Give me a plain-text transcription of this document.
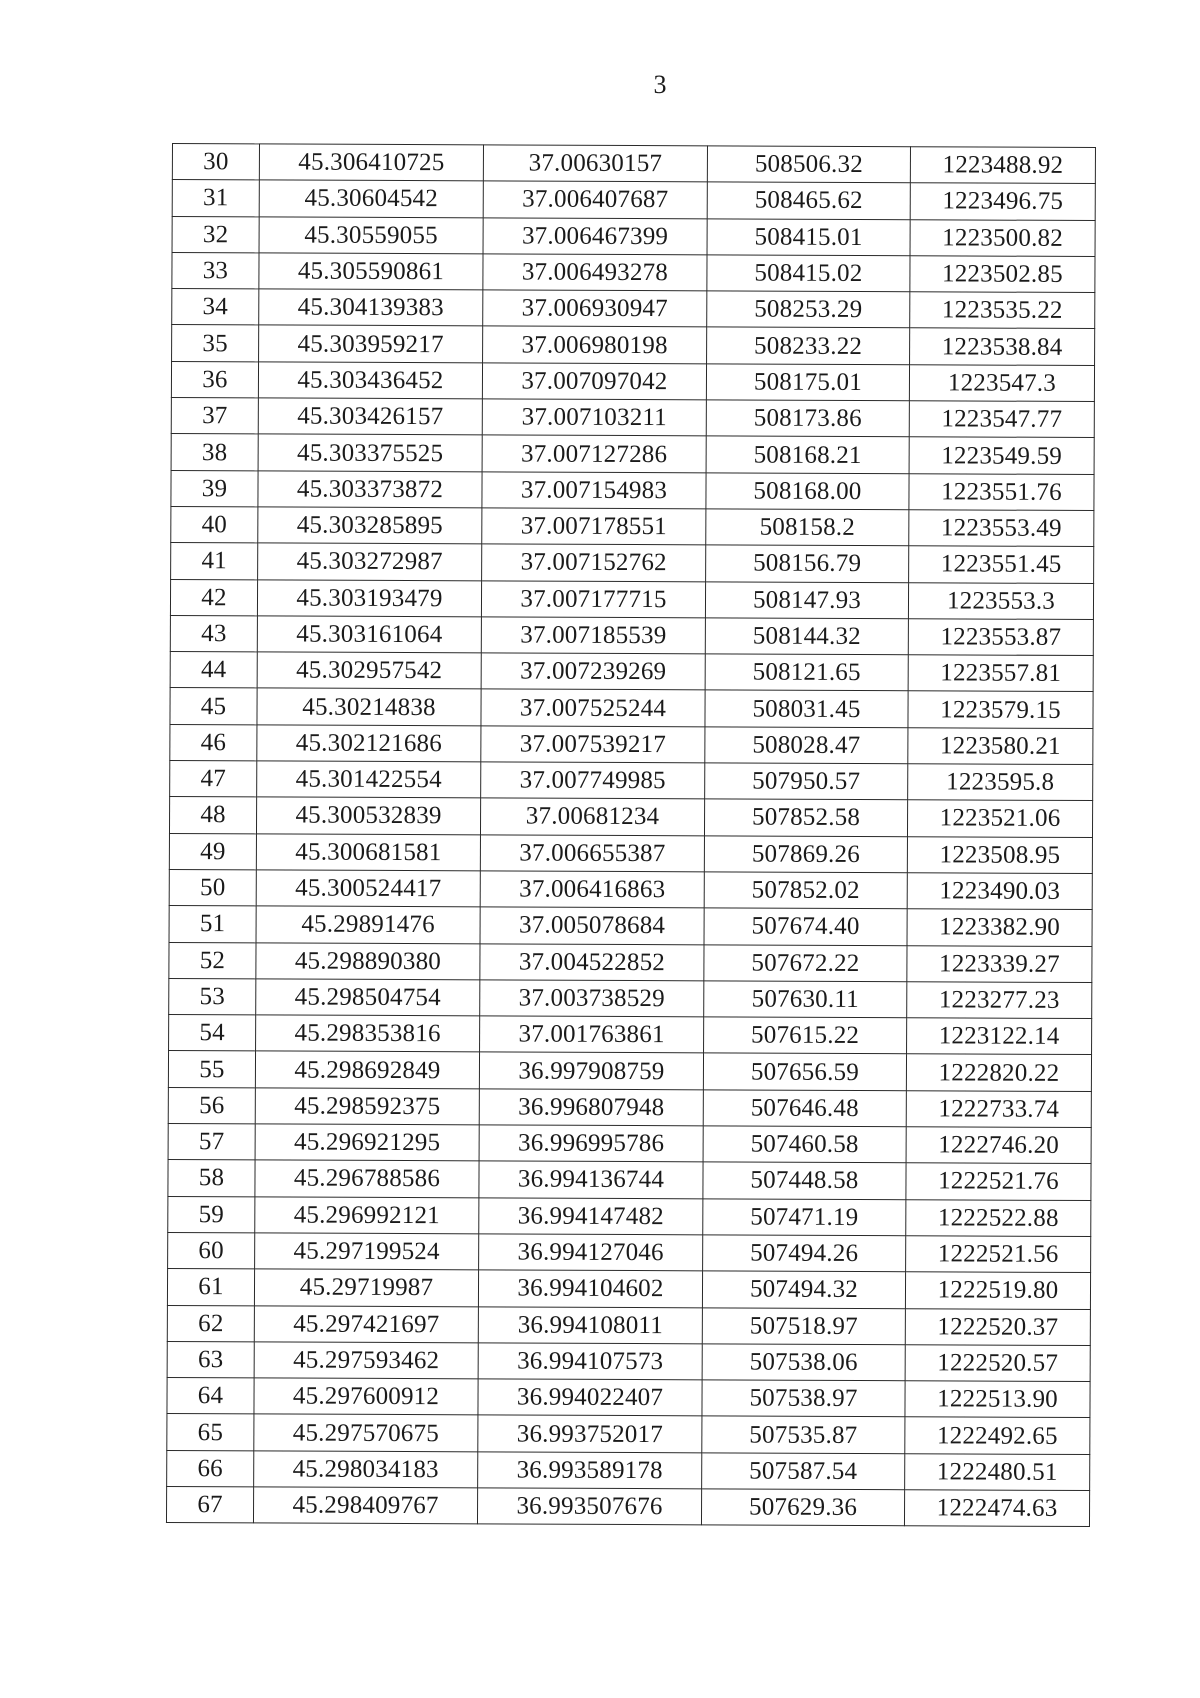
3
30	45.306410725	37.00630157	508506.32	1223488.92
31	45.30604542	37.006407687	508465.62	1223496.75
32	45.30559055	37.006467399	508415.01	1223500.82
33	45.305590861	37.006493278	508415.02	1223502.85
34	45.304139383	37.006930947	508253.29	1223535.22
35	45.303959217	37.006980198	508233.22	1223538.84
36	45.303436452	37.007097042	508175.01	1223547.3
37	45.303426157	37.007103211	508173.86	1223547.77
38	45.303375525	37.007127286	508168.21	1223549.59
39	45.303373872	37.007154983	508168.00	1223551.76
40	45.303285895	37.007178551	508158.2	1223553.49
41	45.303272987	37.007152762	508156.79	1223551.45
42	45.303193479	37.007177715	508147.93	1223553.3
43	45.303161064	37.007185539	508144.32	1223553.87
44	45.302957542	37.007239269	508121.65	1223557.81
45	45.30214838	37.007525244	508031.45	1223579.15
46	45.302121686	37.007539217	508028.47	1223580.21
47	45.301422554	37.007749985	507950.57	1223595.8
48	45.300532839	37.00681234	507852.58	1223521.06
49	45.300681581	37.006655387	507869.26	1223508.95
50	45.300524417	37.006416863	507852.02	1223490.03
51	45.29891476	37.005078684	507674.40	1223382.90
52	45.298890380	37.004522852	507672.22	1223339.27
53	45.298504754	37.003738529	507630.11	1223277.23
54	45.298353816	37.001763861	507615.22	1223122.14
55	45.298692849	36.997908759	507656.59	1222820.22
56	45.298592375	36.996807948	507646.48	1222733.74
57	45.296921295	36.996995786	507460.58	1222746.20
58	45.296788586	36.994136744	507448.58	1222521.76
59	45.296992121	36.994147482	507471.19	1222522.88
60	45.297199524	36.994127046	507494.26	1222521.56
61	45.29719987	36.994104602	507494.32	1222519.80
62	45.297421697	36.994108011	507518.97	1222520.37
63	45.297593462	36.994107573	507538.06	1222520.57
64	45.297600912	36.994022407	507538.97	1222513.90
65	45.297570675	36.993752017	507535.87	1222492.65
66	45.298034183	36.993589178	507587.54	1222480.51
67	45.298409767	36.993507676	507629.36	1222474.63
